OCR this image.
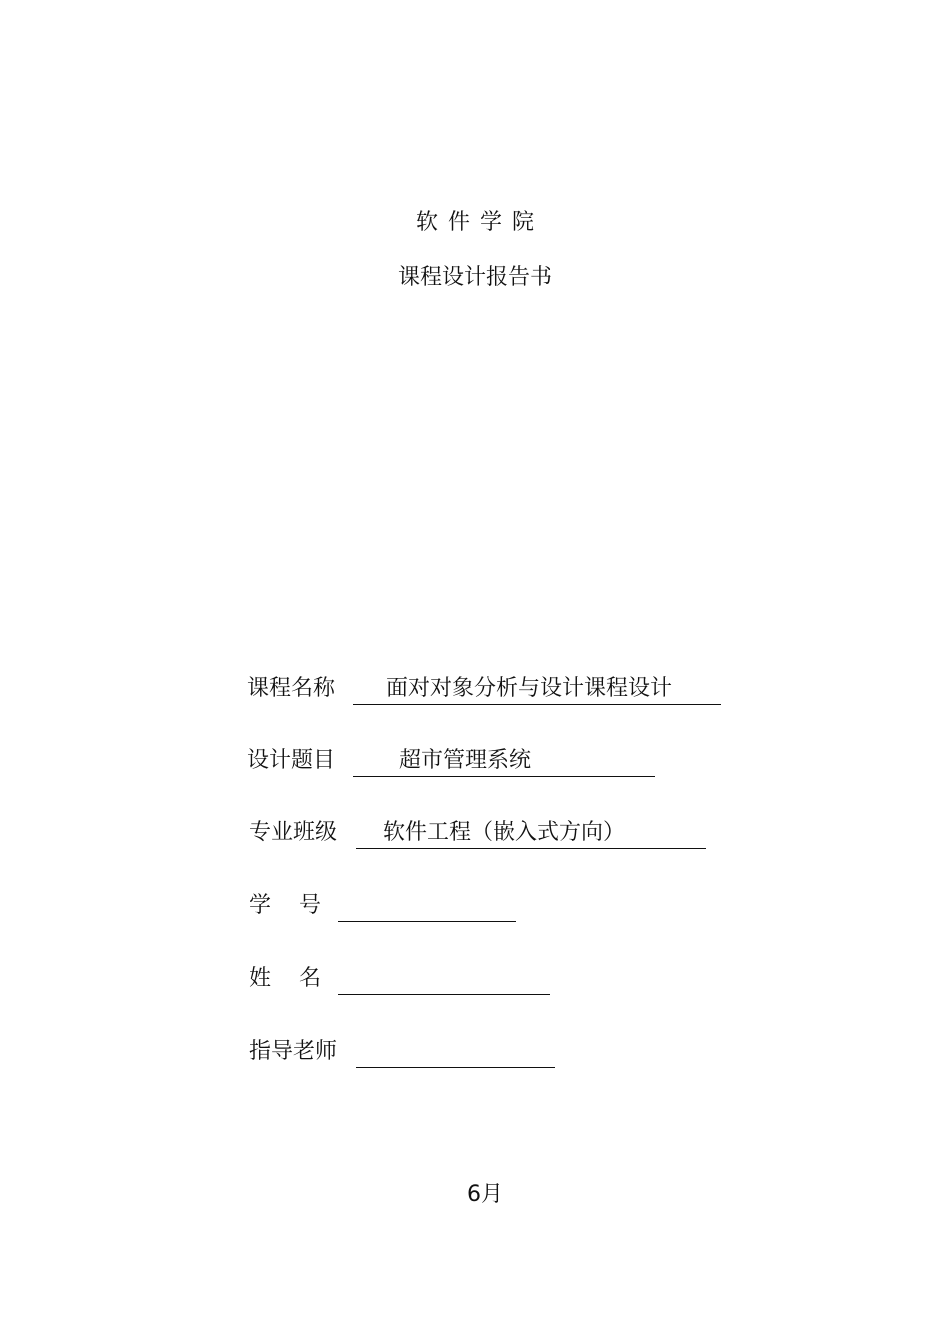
软件学院
课程设计报告书
课程名称 面对对象分析与设计课程设计
设计题目	超市管理系统
专业班级 软件工程（嵌入式方向）
学 号
姓 名
指导老师
6月
